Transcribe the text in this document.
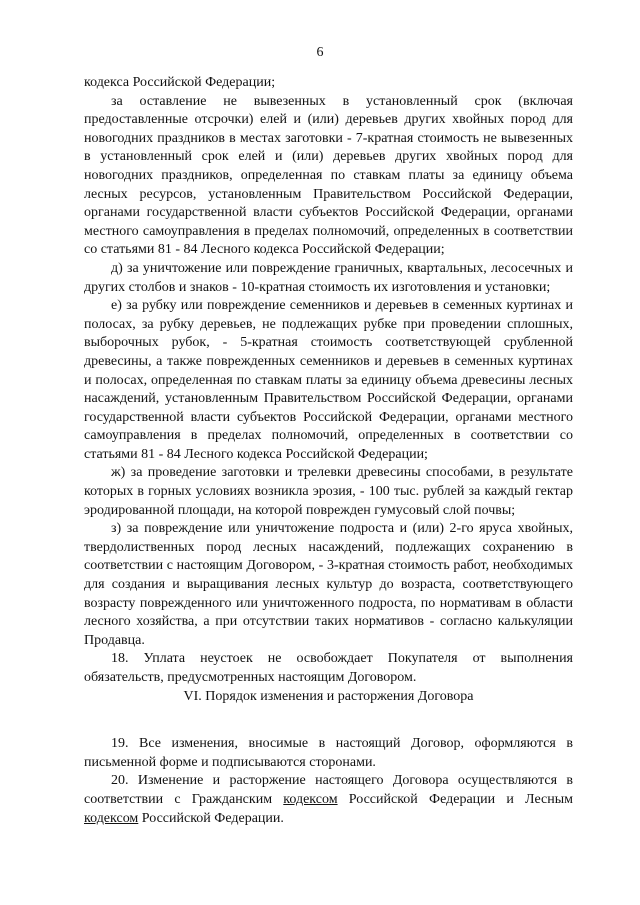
6

кодекса Российской Федерации;

за оставление не вывезенных в установленный срок (включая предоставленные отсрочки) елей и (или) деревьев других хвойных пород для новогодних праздников в местах заготовки - 7-кратная стоимость не вывезенных в установленный срок елей и (или) деревьев других хвойных пород для новогодних праздников, определенная по ставкам платы за единицу объема лесных ресурсов, установленным Правительством Российской Федерации, органами государственной власти субъектов Российской Федерации, органами местного самоуправления в пределах полномочий, определенных в соответствии со статьями 81 - 84 Лесного кодекса Российской Федерации;

д) за уничтожение или повреждение граничных, квартальных, лесосечных и других столбов и знаков - 10-кратная стоимость их изготовления и установки;

е) за рубку или повреждение семенников и деревьев в семенных куртинах и полосах, за рубку деревьев, не подлежащих рубке при проведении сплошных, выборочных рубок, - 5-кратная стоимость соответствующей срубленной древесины, а также поврежденных семенников и деревьев в семенных куртинах и полосах, определенная по ставкам платы за единицу объема древесины лесных насаждений, установленным Правительством Российской Федерации, органами государственной власти субъектов Российской Федерации, органами местного самоуправления в пределах полномочий, определенных в соответствии со статьями 81 - 84 Лесного кодекса Российской Федерации;

ж) за проведение заготовки и трелевки древесины способами, в результате которых в горных условиях возникла эрозия, - 100 тыс. рублей за каждый гектар эродированной площади, на которой поврежден гумусовый слой почвы;

з) за повреждение или уничтожение подроста и (или) 2-го яруса хвойных, твердолиственных пород лесных насаждений, подлежащих сохранению в соответствии с настоящим Договором, - 3-кратная стоимость работ, необходимых для создания и выращивания лесных культур до возраста, соответствующего возрасту поврежденного или уничтоженного подроста, по нормативам в области лесного хозяйства, а при отсутствии таких нормативов - согласно калькуляции Продавца.

18. Уплата неустоек не освобождает Покупателя от выполнения обязательств, предусмотренных настоящим Договором.

VI. Порядок изменения и расторжения Договора

19. Все изменения, вносимые в настоящий Договор, оформляются в письменной форме и подписываются сторонами.

20. Изменение и расторжение настоящего Договора осуществляются в соответствии с Гражданским кодексом Российской Федерации и Лесным кодексом Российской Федерации.
